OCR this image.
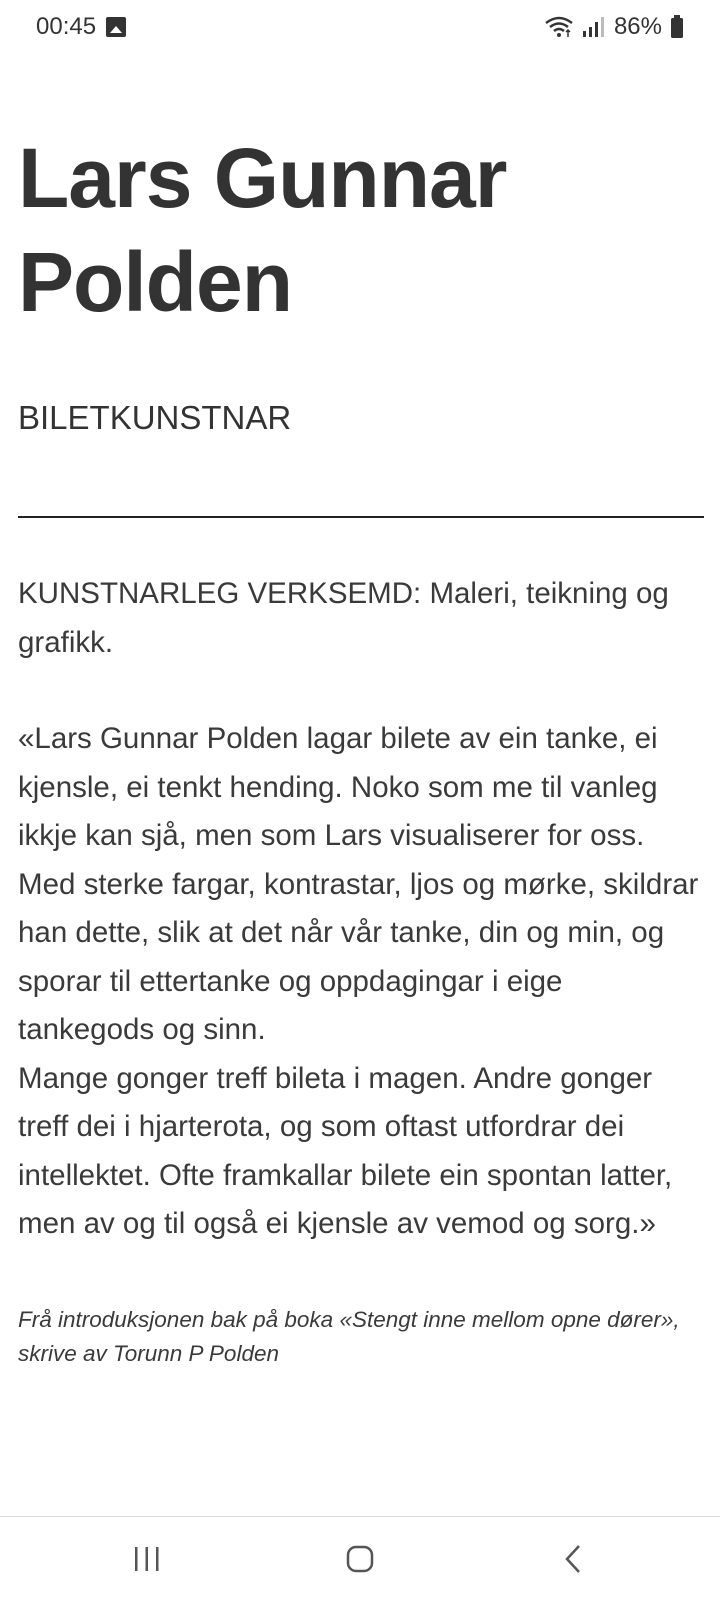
00:45	86%
Lars Gunnar
Polden
BILETKUNSTNAR

KUNSTNARLEG VERKSEMD: Maleri, teikning og grafikk.

«Lars Gunnar Polden lagar bilete av ein tanke, ei kjensle, ei tenkt hending. Noko som me til vanleg ikkje kan sjå, men som Lars visualiserer for oss. Med sterke fargar, kontrastar, ljos og mørke, skildrar han dette, slik at det når vår tanke, din og min, og sporar til ettertanke og oppdagingar i eige tankegods og sinn.
Mange gonger treff bileta i magen. Andre gonger treff dei i hjarterota, og som oftast utfordrar dei intellektet. Ofte framkallar bilete ein spontan latter, men av og til også ei kjensle av vemod og sorg.»

Frå introduksjonen bak på boka «Stengt inne mellom opne dører»,
skrive av Torunn P Polden
